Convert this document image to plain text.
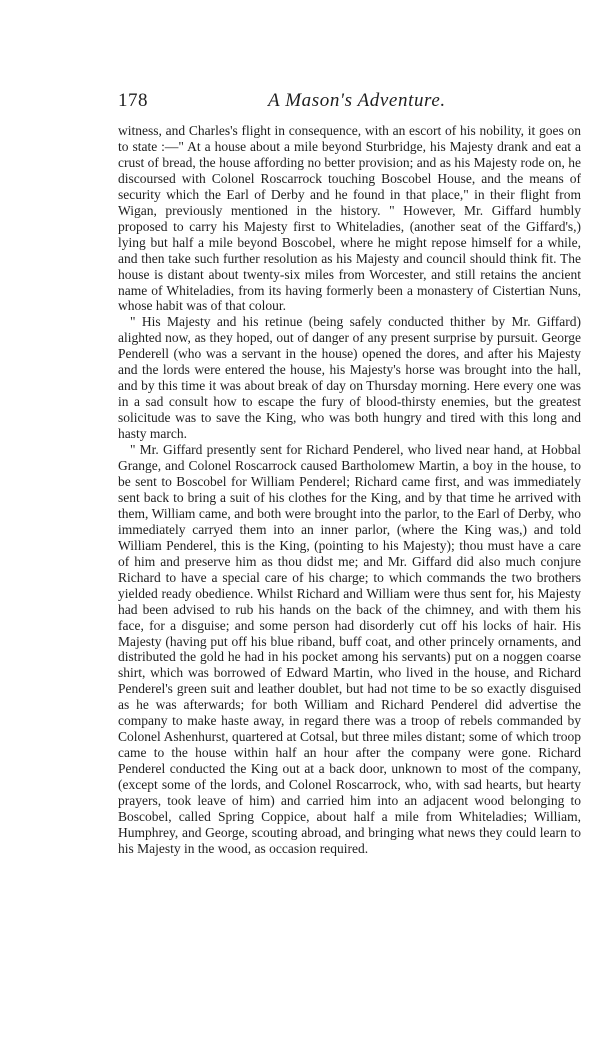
178	A Mason's Adventure.

witness, and Charles's flight in consequence, with an escort of his nobility, it goes on to state :—" At a house about a mile beyond Sturbridge, his Majesty drank and eat a crust of bread, the house affording no better provision; and as his Majesty rode on, he discoursed with Colonel Roscarrock touching Boscobel House, and the means of security which the Earl of Derby and he found in that place," in their flight from Wigan, previously mentioned in the history. " However, Mr. Giffard humbly proposed to carry his Majesty first to Whiteladies, (another seat of the Giffard's,) lying but half a mile beyond Boscobel, where he might repose himself for a while, and then take such further resolution as his Majesty and council should think fit. The house is distant about twenty-six miles from Worcester, and still retains the ancient name of Whiteladies, from its having formerly been a monastery of Cistertian Nuns, whose habit was of that colour.

" His Majesty and his retinue (being safely conducted thither by Mr. Giffard) alighted now, as they hoped, out of danger of any present surprise by pursuit. George Penderell (who was a servant in the house) opened the dores, and after his Majesty and the lords were entered the house, his Majesty's horse was brought into the hall, and by this time it was about break of day on Thursday morning. Here every one was in a sad consult how to escape the fury of blood-thirsty enemies, but the greatest solicitude was to save the King, who was both hungry and tired with this long and hasty march.

" Mr. Giffard presently sent for Richard Penderel, who lived near hand, at Hobbal Grange, and Colonel Roscarrock caused Bartholomew Martin, a boy in the house, to be sent to Boscobel for William Penderel; Richard came first, and was immediately sent back to bring a suit of his clothes for the King, and by that time he arrived with them, William came, and both were brought into the parlor, to the Earl of Derby, who immediately carryed them into an inner parlor, (where the King was,) and told William Penderel, this is the King, (pointing to his Majesty); thou must have a care of him and preserve him as thou didst me; and Mr. Giffard did also much conjure Richard to have a special care of his charge; to which commands the two brothers yielded ready obedience. Whilst Richard and William were thus sent for, his Majesty had been advised to rub his hands on the back of the chimney, and with them his face, for a disguise; and some person had disorderly cut off his locks of hair. His Majesty (having put off his blue riband, buff coat, and other princely ornaments, and distributed the gold he had in his pocket among his servants) put on a noggen coarse shirt, which was borrowed of Edward Martin, who lived in the house, and Richard Penderel's green suit and leather doublet, but had not time to be so exactly disguised as he was afterwards; for both William and Richard Penderel did advertise the company to make haste away, in regard there was a troop of rebels commanded by Colonel Ashenhurst, quartered at Cotsal, but three miles distant; some of which troop came to the house within half an hour after the company were gone. Richard Penderel conducted the King out at a back door, unknown to most of the company, (except some of the lords, and Colonel Roscarrock, who, with sad hearts, but hearty prayers, took leave of him) and carried him into an adjacent wood belonging to Boscobel, called Spring Coppice, about half a mile from Whiteladies; William, Humphrey, and George, scouting abroad, and bringing what news they could learn to his Majesty in the wood, as occasion required.
